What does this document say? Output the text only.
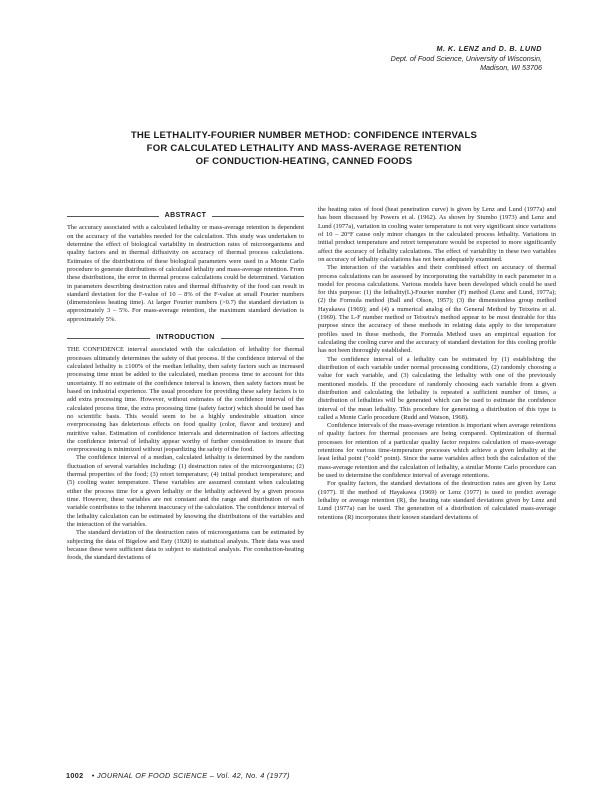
M. K. LENZ and D. B. LUND
Dept. of Food Science, University of Wisconsin,
Madison, WI 53706
THE LETHALITY-FOURIER NUMBER METHOD: CONFIDENCE INTERVALS
FOR CALCULATED LETHALITY AND MASS-AVERAGE RETENTION
OF CONDUCTION-HEATING, CANNED FOODS
ABSTRACT

The accuracy associated with a calculated lethality or mass-average retention is dependent on the accuracy of the variables needed for the calculation. This study was undertaken to determine the effect of biological variability in destruction rates of microorganisms and quality factors and in thermal diffusivity on accuracy of thermal process calculations. Estimates of the distributions of these biological parameters were used in a Monte Carlo procedure to generate distributions of calculated lethality and mass-average retention. From these distributions, the error in thermal process calculations could be determined. Variation in parameters describing destruction rates and thermal diffusivity of the food can result in standard deviation for the F-value of 10 – 8% of the F-value at small Fourier numbers (dimensionless heating time). At larger Fourier numbers (>0.7) the standard deviation is approximately 3 – 5%. For mass-average retention, the maximum standard deviation is approximately 5%.

INTRODUCTION

THE CONFIDENCE interval associated with the calculation of lethality for thermal processes ultimately determines the safety of that process. If the confidence interval of the calculated lethality is ±100% of the median lethality, then safety factors such as increased processing time must be added to the calculated, median process time to account for this uncertainty. If no estimate of the confidence interval is known, then safety factors must be based on industrial experience. The usual procedure for providing these safety factors is to add extra processing time. However, without estimates of the confidence interval of the calculated process time, the extra processing time (safety factor) which should be used has no scientific basis. This would seem to be a highly undesirable situation since overprocessing has deleterious effects on food quality (color, flavor and texture) and nutritive value. Estimation of confidence intervals and determination of factors affecting the confidence interval of lethality appear worthy of further consideration to insure that overprocessing is minimized without jeopardizing the safety of the food.

The confidence interval of a median, calculated lethality is determined by the random fluctuation of several variables including: (1) destruction rates of the microorganisms; (2) thermal properties of the food; (3) retort temperature; (4) initial product temperature; and (5) cooling water temperature. These variables are assumed constant when calculating either the process time for a given lethality or the lethality achieved by a given process time. However, these variables are not constant and the range and distribution of each variable contributes to the inherent inaccuracy of the calculation. The confidence interval of the lethality calculation can be estimated by knowing the distributions of the variables and the interaction of the variables.

The standard deviation of the destruction rates of microorganisms can be estimated by subjecting the data of Bigelow and Esty (1920) to statistical analysis. Their data was used because these were sufficient data to subject to statistical analysis. For conduction-heating foods, the standard deviations of

the heating rates of food (heat penetration curve) is given by Lenz and Lund (1977a) and has been discussed by Powers et al. (1962). As shown by Stumbo (1973) and Lenz and Lund (1977a), variation in cooling water temperature is not very significant since variations of 10 – 20°F cause only minor changes in the calculated process lethality. Variations in initial product temperature and retort temperature would be expected to more significantly affect the accuracy of lethality calculations. The effect of variability in these two variables on accuracy of lethality calculations has not been adequately examined.

The interaction of the variables and their combined effect on accuracy of thermal process calculations can be assessed by incorporating the variability in each parameter in a model for process calculations. Various models have been developed which could be used for this purpose: (1) the lethality(L)-Fourier number (F) method (Lenz and Lund, 1977a); (2) the Formula method (Ball and Olson, 1957); (3) the dimensionless group method Hayakawa (1969); and (4) a numerical analog of the General Method by Teixeira et al. (1969). The L-F number method or Teixeira's method appear to be most desirable for this purpose since the accuracy of these methods in relating data apply to the temperature profiles used in these methods, the Formula Method uses an empirical equation for calculating the cooling curve and the accuracy of standard deviation for this cooling profile has not been thoroughly established.

The confidence interval of a lethality can be estimated by (1) establishing the distribution of each variable under normal processing conditions, (2) randomly choosing a value for each variable, and (3) calculating the lethality with one of the previously mentioned models. If the procedure of randomly choosing each variable from a given distribution and calculating the lethality is repeated a sufficient number of times, a distribution of lethalities will be generated which can be used to estimate the confidence interval of the mean lethality. This procedure for generating a distribution of this type is called a Monte Carlo procedure (Rudd and Watson, 1968).

Confidence intervals of the mass-average retention is important when average retentions of quality factors for thermal processes are being compared. Optimization of thermal processes for retention of a particular quality factor requires calculation of mass-average retentions for various time-temperature processes which achieve a given lethality at the least lethal point ("cold" point). Since the same variables affect both the calculation of the mass-average retention and the calculation of lethality, a similar Monte Carlo procedure can be used to determine the confidence interval of average retentions.

For quality factors, the standard deviations of the destruction rates are given by Lenz (1977). If the method of Hayakawa (1969) or Lenz (1977) is used to predict average lethality or average retention (R), the heating rate standard deviations given by Lenz and Lund (1977a) can be used. The generation of a distribution of calculated mass-average retentions (R) incorporates their known standard deviations of

1002 • JOURNAL OF FOOD SCIENCE – Vol. 42, No. 4 (1977)
